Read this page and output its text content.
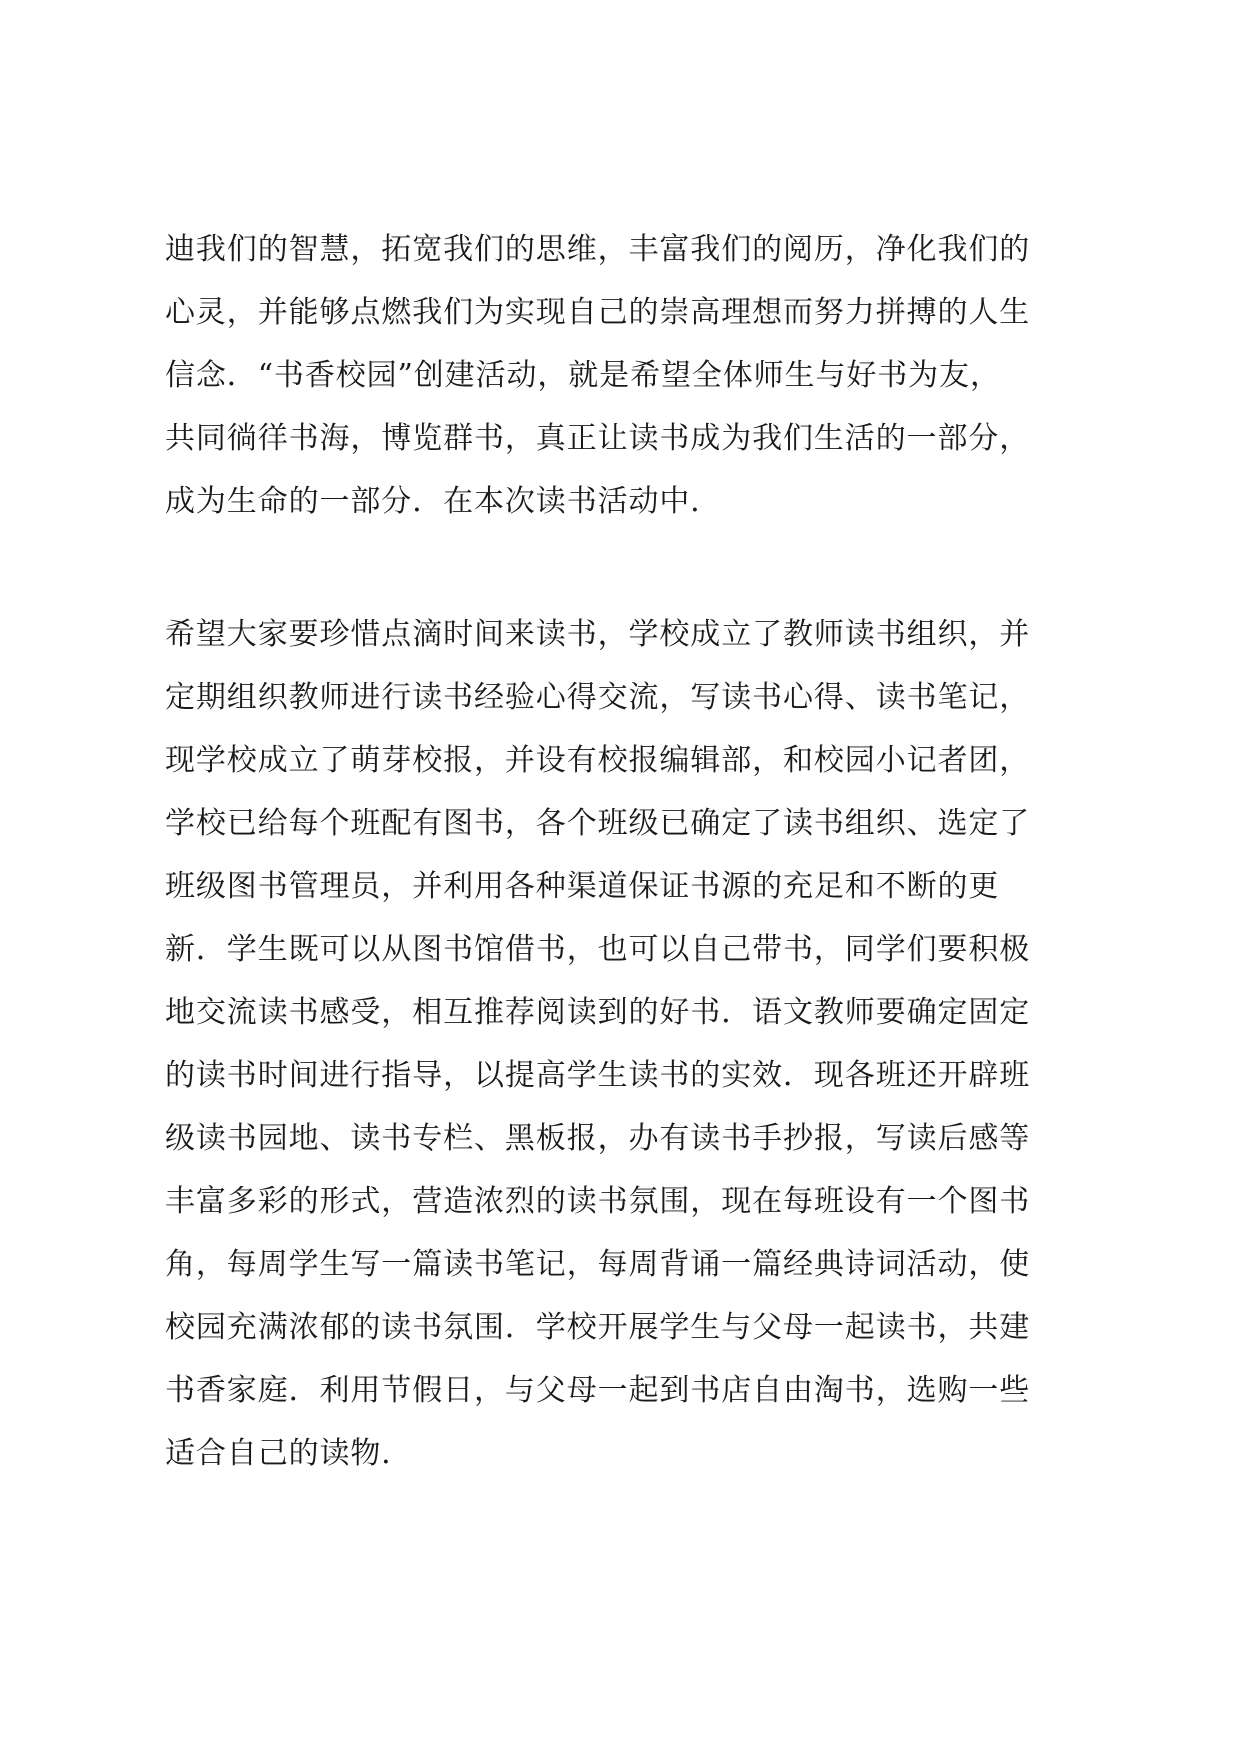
迪我们的智慧，拓宽我们的思维，丰富我们的阅历，净化我们的
心灵，并能够点燃我们为实现自己的崇高理想而努力拼搏的人生
信念．“书香校园”创建活动，就是希望全体师生与好书为友，
共同徜徉书海，博览群书，真正让读书成为我们生活的一部分，
成为生命的一部分．在本次读书活动中．
希望大家要珍惜点滴时间来读书，学校成立了教师读书组织，并
定期组织教师进行读书经验心得交流，写读书心得、读书笔记，
现学校成立了萌芽校报，并设有校报编辑部，和校园小记者团，
学校已给每个班配有图书，各个班级已确定了读书组织、选定了
班级图书管理员，并利用各种渠道保证书源的充足和不断的更
新．学生既可以从图书馆借书，也可以自己带书，同学们要积极
地交流读书感受，相互推荐阅读到的好书．语文教师要确定固定
的读书时间进行指导，以提高学生读书的实效．现各班还开辟班
级读书园地、读书专栏、黑板报，办有读书手抄报，写读后感等
丰富多彩的形式，营造浓烈的读书氛围，现在每班设有一个图书
角，每周学生写一篇读书笔记，每周背诵一篇经典诗词活动，使
校园充满浓郁的读书氛围．学校开展学生与父母一起读书，共建
书香家庭．利用节假日，与父母一起到书店自由淘书，选购一些
适合自己的读物．
